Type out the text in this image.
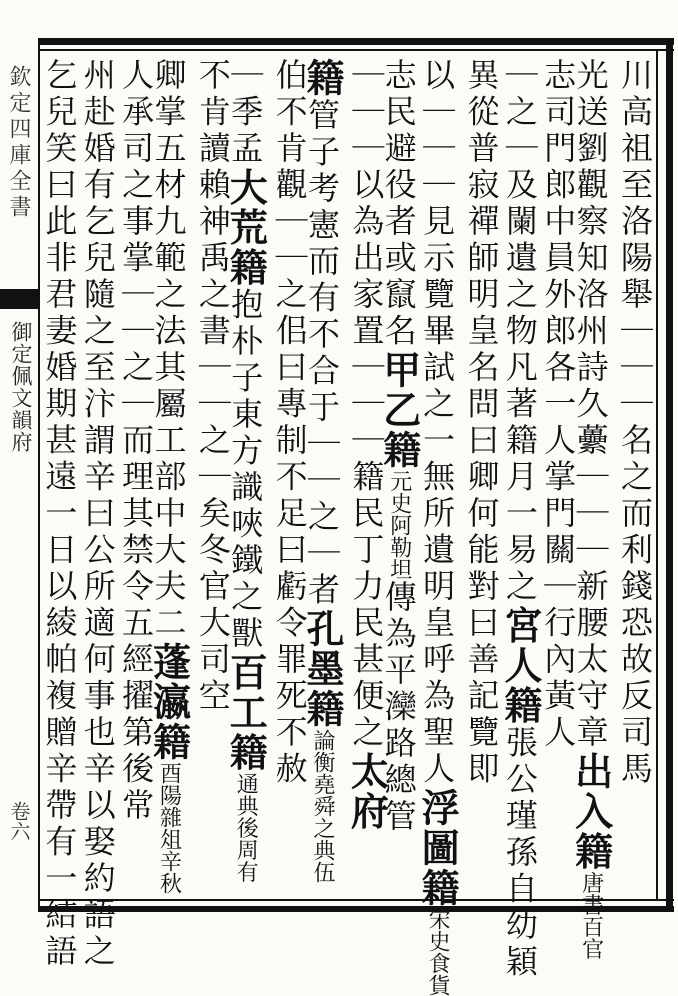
欽定四庫全書
御定佩文韻府
卷六
川高祖至洛陽舉｜｜｜名之而利錢恐故反司馬
光送劉觀察知洛州詩久虆｜｜｜新腰太守章出入籍唐書百官
志司門郎中員外郎各一人掌門關｜行內黃人
｜之｜及闌遺之物凡著籍月一易之宮人籍張公瑾孫自幼穎
異從普寂禪師明皇名問曰卿何能對曰善記覽即
以｜｜｜見示覽畢試之一無所遺明皇呼為聖人浮圖籍宋史食貨
志民避役者或竄名甲乙籍元史阿勒坦傳為平灤路總管
｜｜｜以為出家置｜｜｜籍民丁力民甚便之太府
籍管子考憲而有不合于｜｜之｜者孔墨籍論衡堯舜之典伍
伯不肯觀｜｜之佀曰專制不足曰虧令罪死不赦
｜季孟大荒籍抱朴子東方識唊鐵之獸百工籍通典後周有
不肯讀賴神禹之書｜｜之｜矣冬官大司空
卿掌五材九範之法其屬工部中大夫二蓬瀛籍酉陽雜俎辛秋
人承司之事掌｜｜之｜而理其禁令五經擢第後常
州赴婚有乞兒隨之至汴謂辛曰公所適何事也辛以娶約語之
乞兒笑曰此非君妻婚期甚遠一日以綾帕複贈辛帶有一結語
